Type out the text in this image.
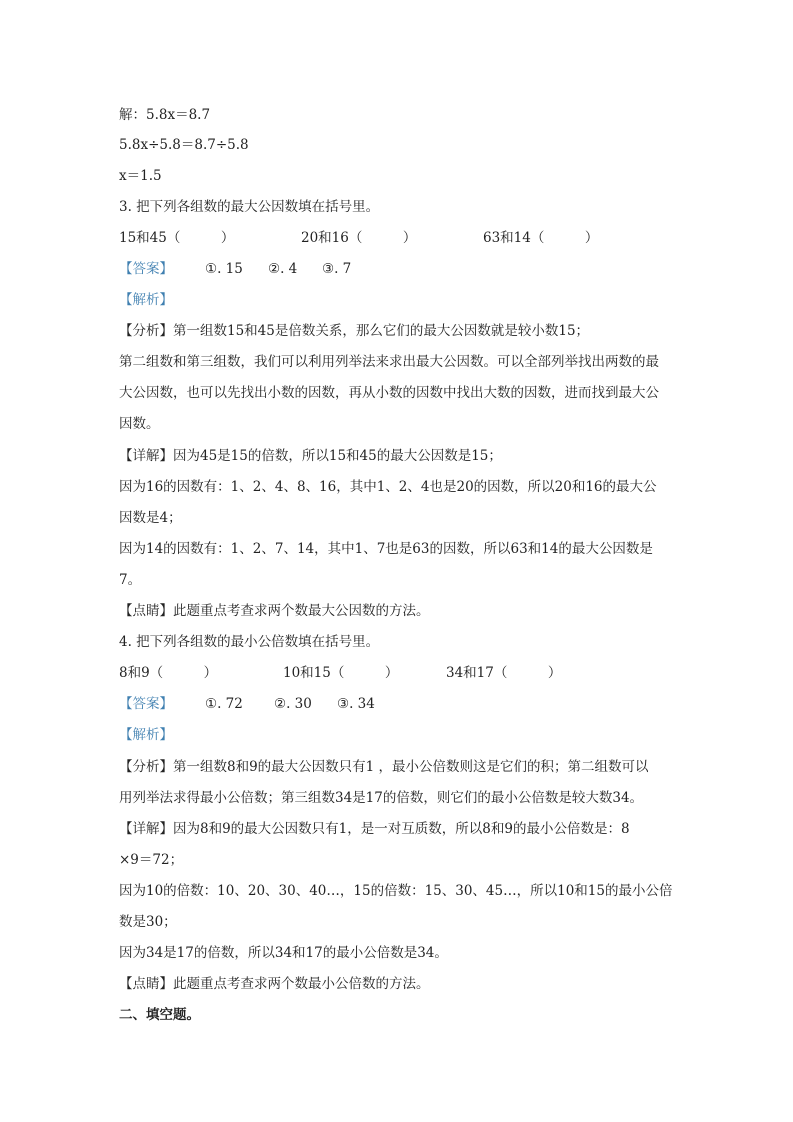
解：5.8x＝8.7
5.8x÷5.8＝8.7÷5.8
x＝1.5
3. 把下列各组数的最大公因数填在括号里。
15和45（　　　）	20和16（　　　）	63和14（　　　）
【答案】 ①. 15 ②. 4 ③. 7
【解析】
【分析】第一组数15和45是倍数关系，那么它们的最大公因数就是较小数15；
第二组数和第三组数，我们可以利用列举法来求出最大公因数。可以全部列举找出两数的最
大公因数，也可以先找出小数的因数，再从小数的因数中找出大数的因数，进而找到最大公
因数。
【详解】因为45是15的倍数，所以15和45的最大公因数是15；
因为16的因数有：1、2、4、8、16，其中1、2、4也是20的因数，所以20和16的最大公
因数是4；
因为14的因数有：1、2、7、14，其中1、7也是63的因数，所以63和14的最大公因数是
7。
【点睛】此题重点考查求两个数最大公因数的方法。
4. 把下列各组数的最小公倍数填在括号里。
8和9（　　　）	10和15（　　　）	34和17（　　　）
【答案】 ①. 72 ②. 30 ③. 34
【解析】
【分析】第一组数8和9的最大公因数只有1 ，最小公倍数则这是它们的积；第二组数可以
用列举法求得最小公倍数；第三组数34是17的倍数，则它们的最小公倍数是较大数34。
【详解】因为8和9的最大公因数只有1，是一对互质数，所以8和9的最小公倍数是：8
×9＝72；
因为10的倍数：10、20、30、40…，15的倍数：15、30、45…，所以10和15的最小公倍
数是30；
因为34是17的倍数，所以34和17的最小公倍数是34。
【点睛】此题重点考查求两个数最小公倍数的方法。
二、填空题。
